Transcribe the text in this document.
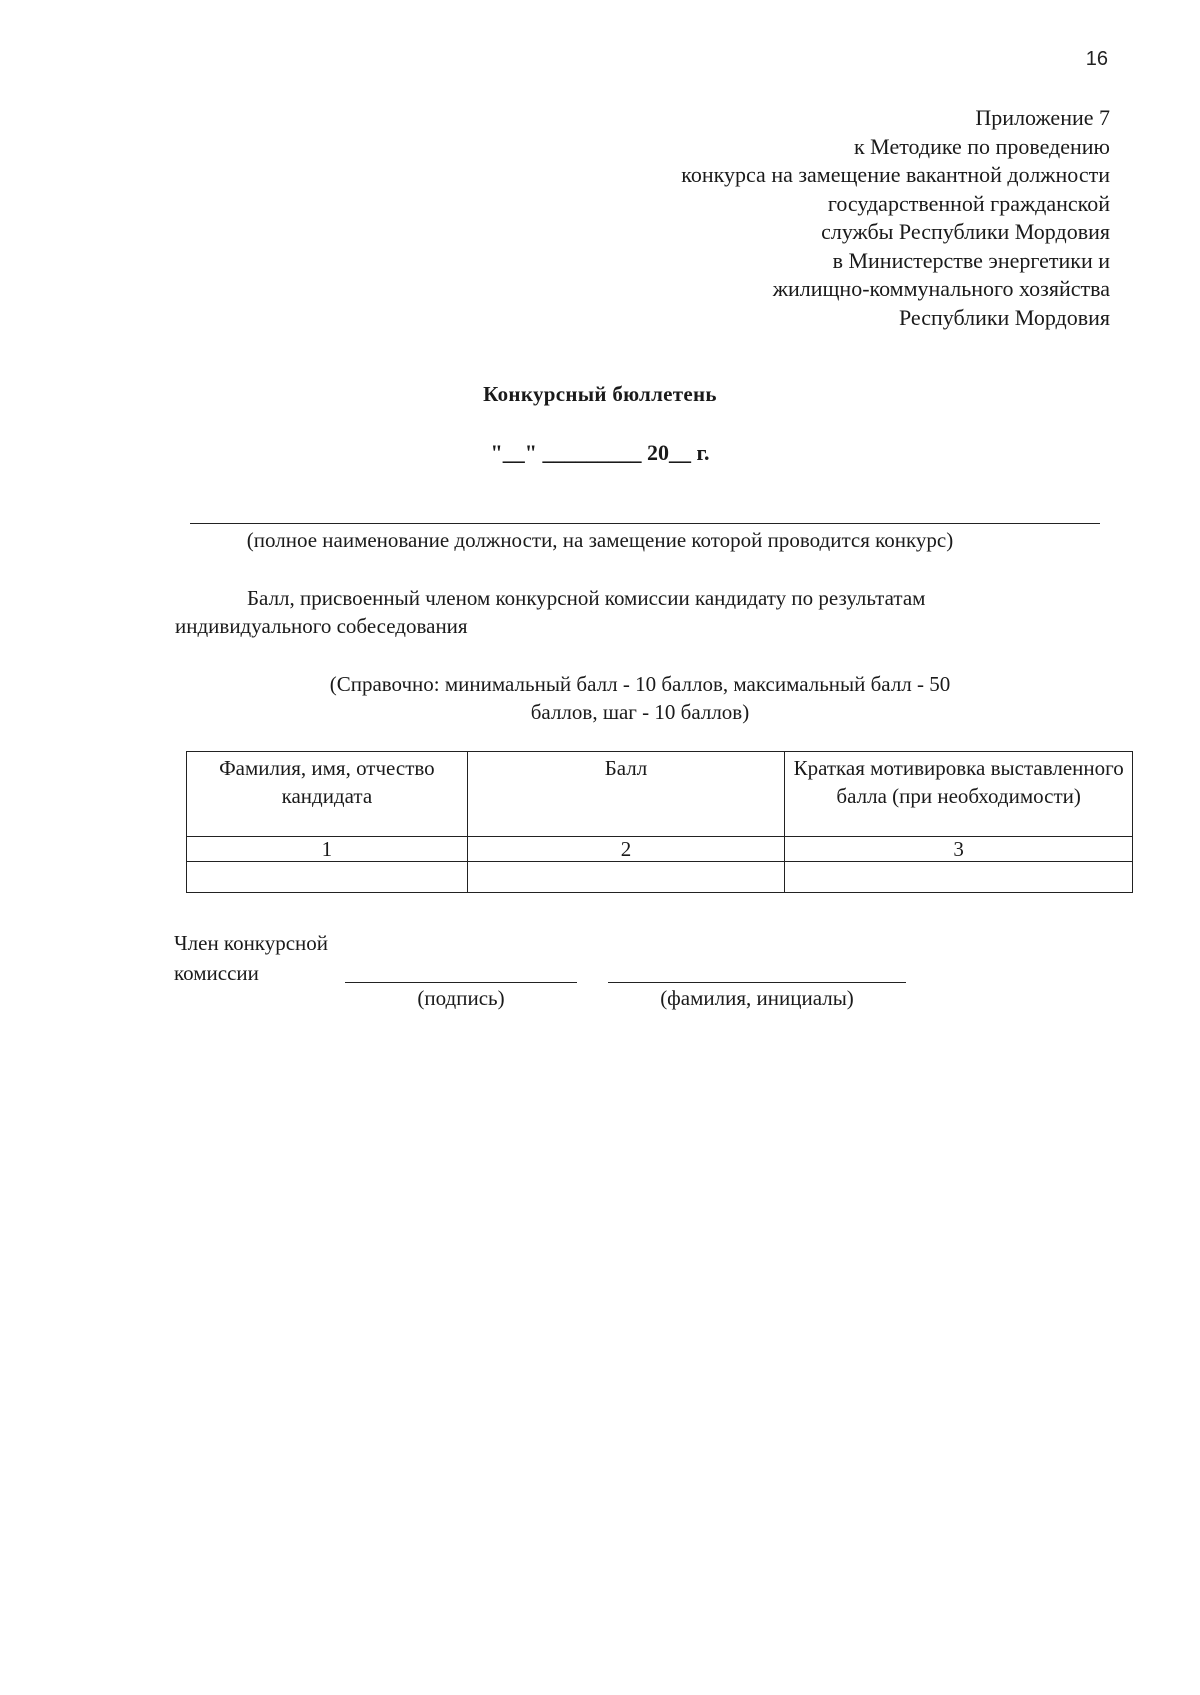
16
Приложение 7
к Методике по проведению
конкурса на замещение вакантной должности
государственной гражданской
службы Республики Мордовия
в Министерстве энергетики и
жилищно-коммунального хозяйства
Республики Мордовия
Конкурсный бюллетень
"__" _________ 20__ г.
(полное наименование должности, на замещение которой проводится конкурс)
Балл, присвоенный членом конкурсной комиссии кандидату по результатам
индивидуального собеседования
(Справочно: минимальный балл - 10 баллов, максимальный балл - 50
баллов, шаг - 10 баллов)
Фамилия, имя, отчество кандидата	Балл	Краткая мотивировка выставленного балла (при необходимости)
1	2	3

Член конкурсной
комиссии
(подпись)	(фамилия, инициалы)
